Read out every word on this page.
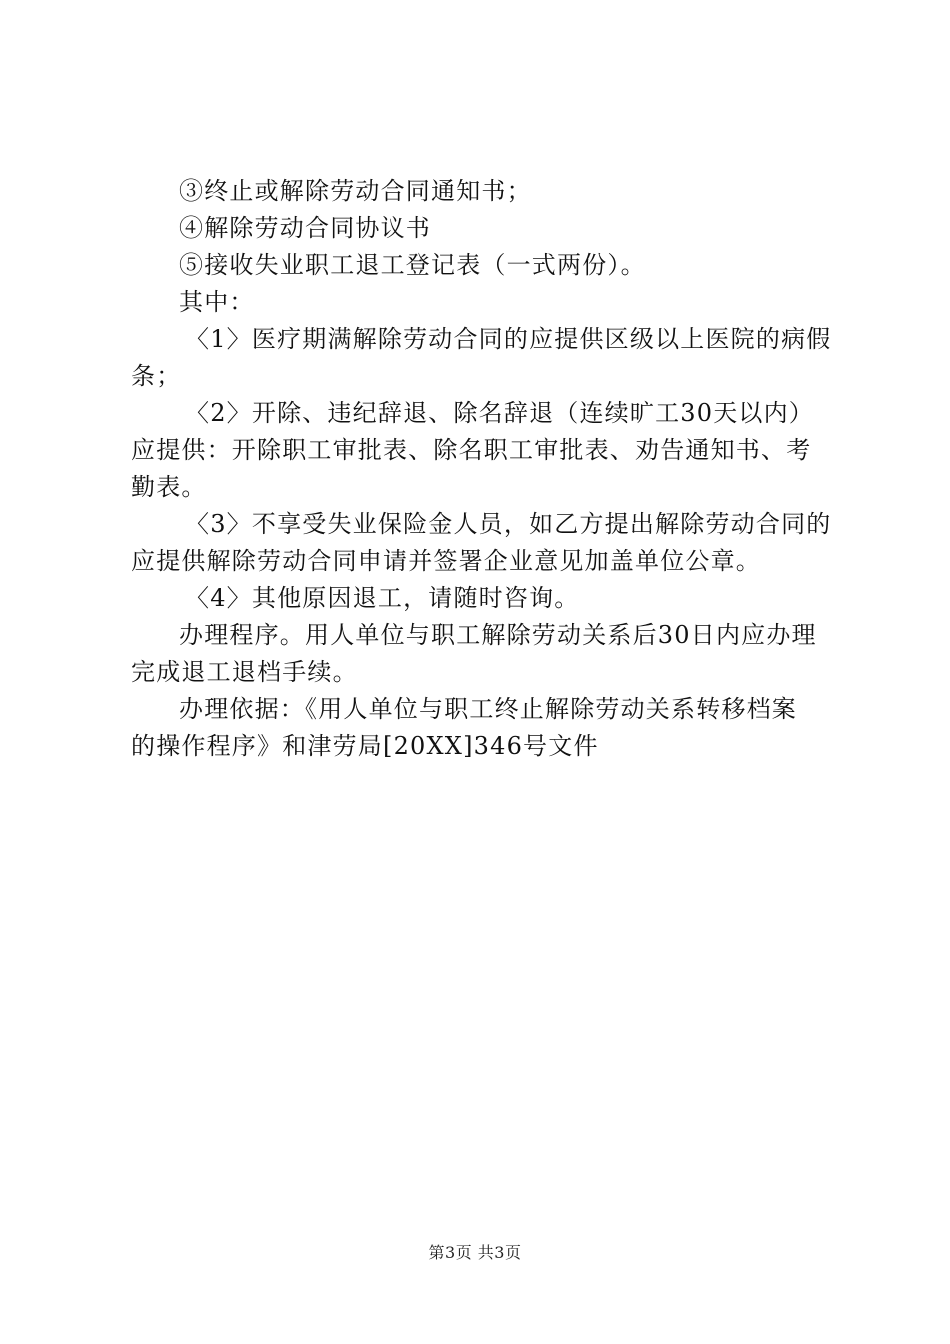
③终止或解除劳动合同通知书；

④解除劳动合同协议书

⑤接收失业职工退工登记表（一式两份）。

其中：

〈1〉医疗期满解除劳动合同的应提供区级以上医院的病假

条；

〈2〉开除、违纪辞退、除名辞退（连续旷工30天以内）

应提供：开除职工审批表、除名职工审批表、劝告通知书、考

勤表。

〈3〉不享受失业保险金人员，如乙方提出解除劳动合同的

应提供解除劳动合同申请并签署企业意见加盖单位公章。

〈4〉其他原因退工，请随时咨询。

办理程序。用人单位与职工解除劳动关系后30日内应办理

完成退工退档手续。

办理依据：《用人单位与职工终止解除劳动关系转移档案

的操作程序》和津劳局[20XX]346号文件

第3页 共3页
